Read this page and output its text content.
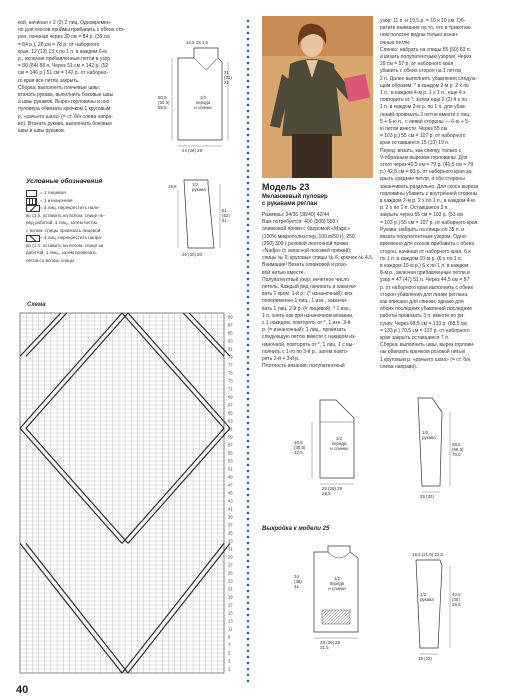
кой, начиная с 2 (3) 2 лиц. Одновремен-

но для скосов проймы прибавить с обеих сто-

рон, начиная через 30 см = 84 р. (39 см

= 84 р.), 28 см = 78 р. от наборного

края, 12 (13) 13 x по 1 п. в каждом 6-м

р., включая прибавленные петли в узор

= 80 (84) 88 п. Через 51 см = 142 р. (52

см = 146 р.) 51 см = 142 р. от наборно-

го края все петли закрыть.

Сборка: выполнить плечевые швы;

втачать рукава, выполнить боковые швы

и швы рукавов. Вырез горловины и низ

пуловера обвязать крючком 1 круговым

р. «рачьего шага» (= ст. б/н слева напра-

во). Втачать рукава, выполнить боковые

швы и швы рукавов.

1/2
переда
и спинки
12,5 15 1,5
24 (26) 28
50,5
(50,5)
55,5
21
(21)
22
1/2
рукава
19,8
51
(52)
51
26 (30) 30
Условные обозначения
= 1 лицевая
= 1 изнаночная
= 4 лиц. перекрестить нале-
во (1 п. оставить на вспом. спице пе-
ред работой, 1 лиц., затем петлю
с вспом. спицы провязать лицевой
= 4 лиц. перекрестить напра-
во (1 п. оставить на вспом. спице за
работой, 1 лиц., затем провязать
петли со вспом. спицы
Схема
89
87
85
83
81
79
77
75
73
71
69
67
65
63
61
59
57
55
53
51
49
47
45
43
41
39
37
35
33
31
29
27
25
23
21
19
17
15
13
11
9
7
5
3
1
40
Модель 23
Меланжевый пуловер
с рукавами реглан

Размеры: 34/36 (38/40) 42/44

Вам потребуется: 400 (500) 550 г

оливковой пряжи с бахромой «Magic»

(100% микрополиэстер, 100 м/50 г); 250

(250) 300 г розовой ленточной пряжи

«Nadja» (с запасной похожей пряжей);

спицы № 6; круговые спицы № 6; крючок № 4,5.

Внимание! Вязать оливковой и розо-

вой нитью вместе.

Полупатентный узор: нечетное число

петель. Каждый ряд начинать и заканчи-

вать 1 кром. 1-й р.: (* изнаночный): вяз.

попеременно 1 лиц., 1 изн., заканчи-

вать 1 лиц. 2-й р. (= лицевой): * 1 изн.,

1 п. снять как при изнаночном вязании,

с 1 накидом, повторять от *, 1 изн. 3-й

р. (= изнаночный): 1 лиц., провязать

следующую петлю вместе с накидом из-

наночной, повторять от *, 1 лиц. 1 с вы-

полнить с 1-го по 3-й р., затем повто-

рять 2-й + 3-й р.

Плотность вязания, полупатентный

узор: 11 п. и 19,5 р. = 10 x 10 см. Об-

ратите внимание на то, что в трикотаж-

ном полотне видны только изнан-

очные петли.

Спинка: набрать на спицы 55 (59) 63 п.

и вязать полупатентным узором. Через

29 см = 57 р. от наборного края

убавить с обеих сторон на 1 петлю

2 п. Далее выполнить убавления следую-

щим образом: * в каждом 2-м р. 2 x по

1 п., в каждом 4-м р. 1 x 1 п., еще 4 x

повторить от *, затем еще 2 (2) 4 x по

1 п. в каждом 2-м р. по 1 п. для убав-

лений провязать 3 петли вместе с лиц.

5 + 6-ю п., с левой стороны — 6-ю + 5-

ю петли вместе. Через 55 см

= 103 р.) 55 см = 107 р. от наборного

края оставшиеся 15 (19) 19 п.

Перед: вязать, как спинку, только с

V-образным вырезом горловины. Для

этого через 40,5 см = 79 р. (40,5 см = 79

р.) 42,5 см = 83 р. от наборного края за-

крыть средние петли, а обе стороны

заканчивать раздельно. Для скоса выреза

горловины убавить с внутренней стороны

в каждом 2-м р. 2 x по 1 п., в каждом 4-м

р. 2 x по 1 п. Оставшиеся 3 п.

закрыть через 55 см = 103 р. (53 см

= 103 р.) 55 см = 107 р. от наборного края.

Рукава: набрать на спицы по 35 п. и

вязать полупатентным узором. Одно-

временно для скосов прибавить с обеих

сторон, начиная от наборного края, 6 x

по 1 п. в каждом 10-м р. (6 x по 1 п.

в каждом 10-м р.) 6 x по 1 п. в каждом

8-м р., включая прибавленные петли в

узор = 47 (47) 51 п. Через 44,5 см = 87

р. от наборного края выполнить с обеих

сторон убавления для линии реглана,

как описано для спинки, однако для

обоих последних убавлений последние

работы провязать 3 п. вместе по ри-

сунку. Через 68,5 см = 133 р. (68,5 см

= 133 р.) 70,5 см = 137 р. от наборного

края закрыть оставшиеся 7 п.

Сборка: выполнить швы, вырез горлови-

ны обвязать крючком розовой нитью

1 круговым р. «рачьего шага» (= ст. б/н

слева направо).

1/2
переда
и спинки
40,5
(40,5)
42,5
29 (29) 29
28,5
1/2
рукава
68,5
(68,5)
70,5
35 (32)
Выкройка к модели 25
1/2
переда
и спинки
34
(38)
41
28 (29) 29
31,5
1/2
рукава
19,5 (21,5) 22,5
40,5
(40)
39,5
19 (22)
